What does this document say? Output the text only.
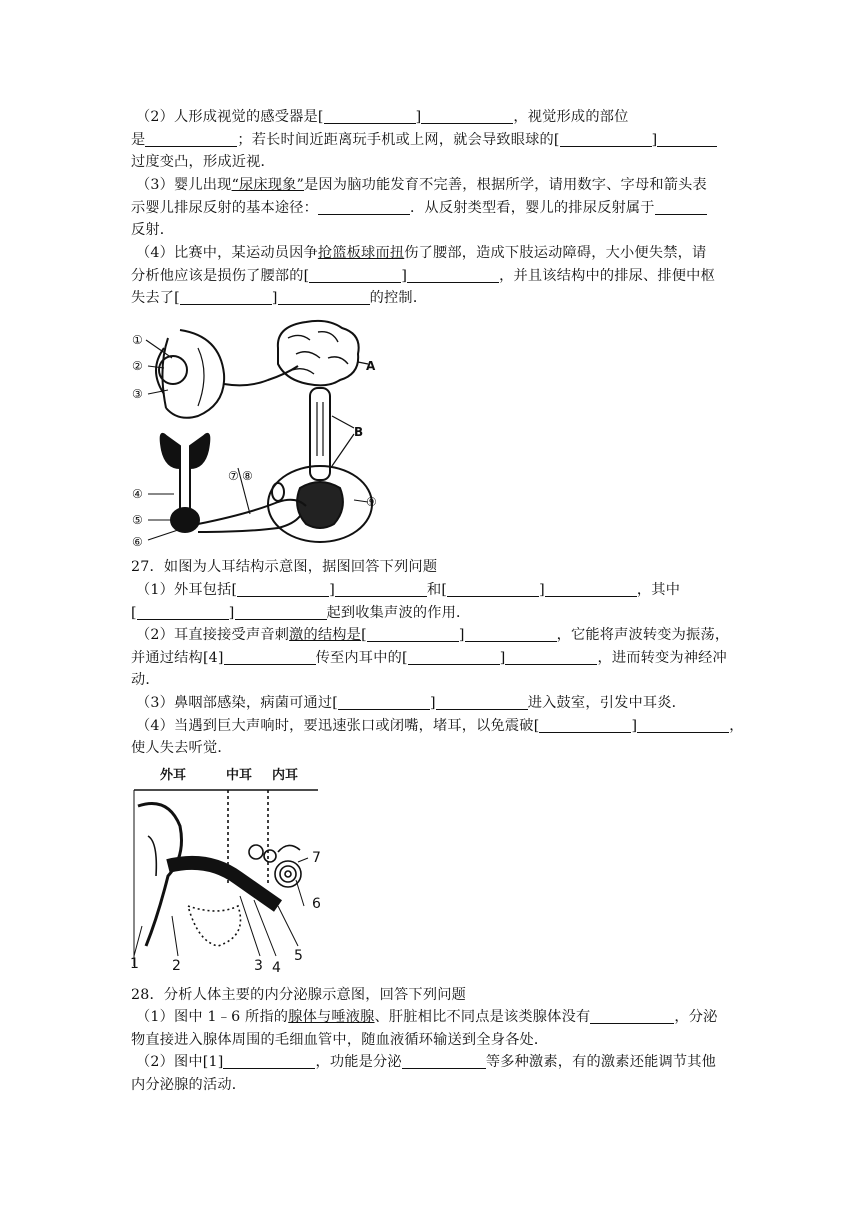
（2）人形成视觉的感受器是[	]	，视觉形成的部位
是	；若长时间近距离玩手机或上网，就会导致眼球的[	]
过度变凸，形成近视．
（3）婴儿出现“尿床现象”是因为脑功能发育不完善，根据所学，请用数字、字母和箭头表
示婴儿排尿反射的基本途径：	．从反射类型看，婴儿的排尿反射属于
反射．
（4）比赛中，某运动员因争抢篮板球而扭伤了腰部，造成下肢运动障碍，大小便失禁，请
分析他应该是损伤了腰部的[	]	，并且该结构中的排尿、排便中枢
失去了[	]	的控制．
①
②
③
④
⑤
⑥
⑦ ⑧
⑨
A
B
27．如图为人耳结构示意图，据图回答下列问题
（1）外耳包括[	]	和[	]	，其中
[	]	起到收集声波的作用．
（2）耳直接接受声音刺激的结构是[	]	，它能将声波转变为振荡，
并通过结构[4]	传至内耳中的[	]	，进而转变为神经冲
动．
（3）鼻咽部感染，病菌可通过[	]	进入鼓室，引发中耳炎．
（4）当遇到巨大声响时，要迅速张口或闭嘴，堵耳，以免震破[	]	，
使人失去听觉．
外耳	中耳 内耳
1 2	3 4
5
6
7
28．分析人体主要的内分泌腺示意图，回答下列问题
（1）图中 1﹣6 所指的腺体与唾液腺、肝脏相比不同点是该类腺体没有	，分泌
物直接进入腺体周围的毛细血管中，随血液循环输送到全身各处．
（2）图中[1]	，功能是分泌	等多种激素，有的激素还能调节其他
内分泌腺的活动．
